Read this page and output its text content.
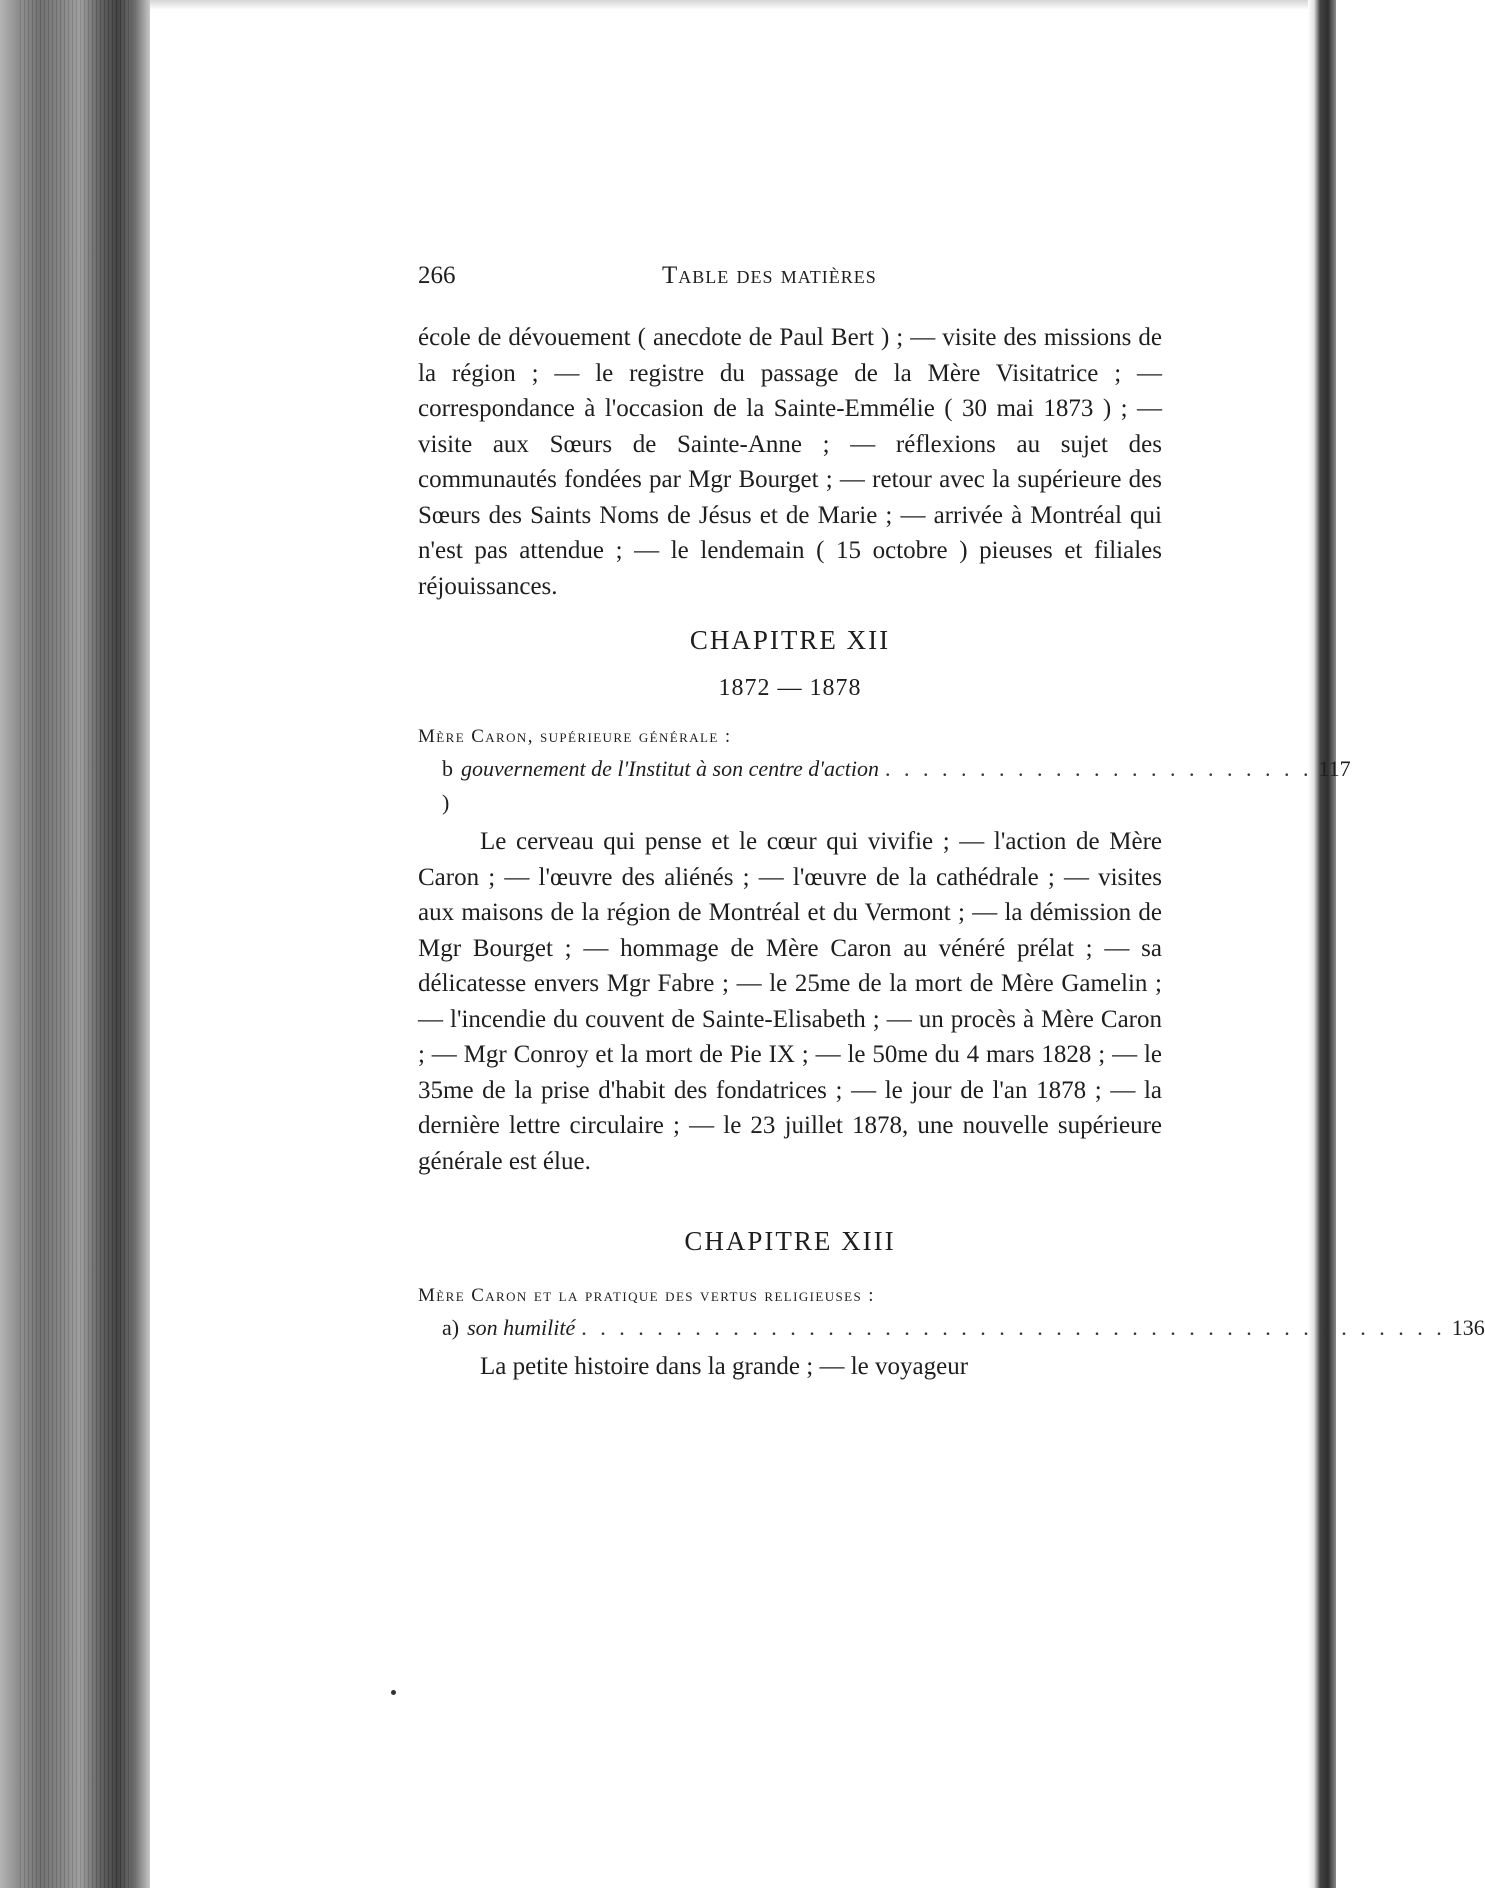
266	Table des matières

école de dévouement ( anecdote de Paul Bert ) ; — visite des missions de la région ; — le registre du passage de la Mère Visitatrice ; — correspondance à l'occasion de la Sainte-Emmélie ( 30 mai 1873 ) ; — visite aux Sœurs de Sainte-Anne ; — réflexions au sujet des communautés fondées par Mgr Bourget ; — retour avec la supérieure des Sœurs des Saints Noms de Jésus et de Marie ; — arrivée à Montréal qui n'est pas attendue ; — le lendemain ( 15 octobre ) pieuses et filiales réjouissances.

CHAPITRE XII
1872 — 1878
Mère Caron, supérieure générale :
b )
gouvernement de l'Institut à son centre d'action . . . . . . . . . . . . . . . . . . . . . . . 117

Le cerveau qui pense et le cœur qui vivifie ; — l'action de Mère Caron ; — l'œuvre des aliénés ; — l'œuvre de la cathédrale ; — visites aux maisons de la région de Montréal et du Vermont ; — la démission de Mgr Bourget ; — hommage de Mère Caron au vénéré prélat ; — sa délicatesse envers Mgr Fabre ; — le 25me de la mort de Mère Gamelin ; — l'incendie du couvent de Sainte-Elisabeth ; — un procès à Mère Caron ; — Mgr Conroy et la mort de Pie IX ; — le 50me du 4 mars 1828 ; — le 35me de la prise d'habit des fondatrices ; — le jour de l'an 1878 ; — la dernière lettre circulaire ; — le 23 juillet 1878, une nouvelle supérieure générale est élue.

CHAPITRE XIII
Mère Caron et la pratique des vertus religieuses :
a) son humilité . . . . . . . . . . . . . . . . . . . . . . . . . . . . . . . . . . . . . . . . . . . . . . 136

La petite histoire dans la grande ; — le voyageur
